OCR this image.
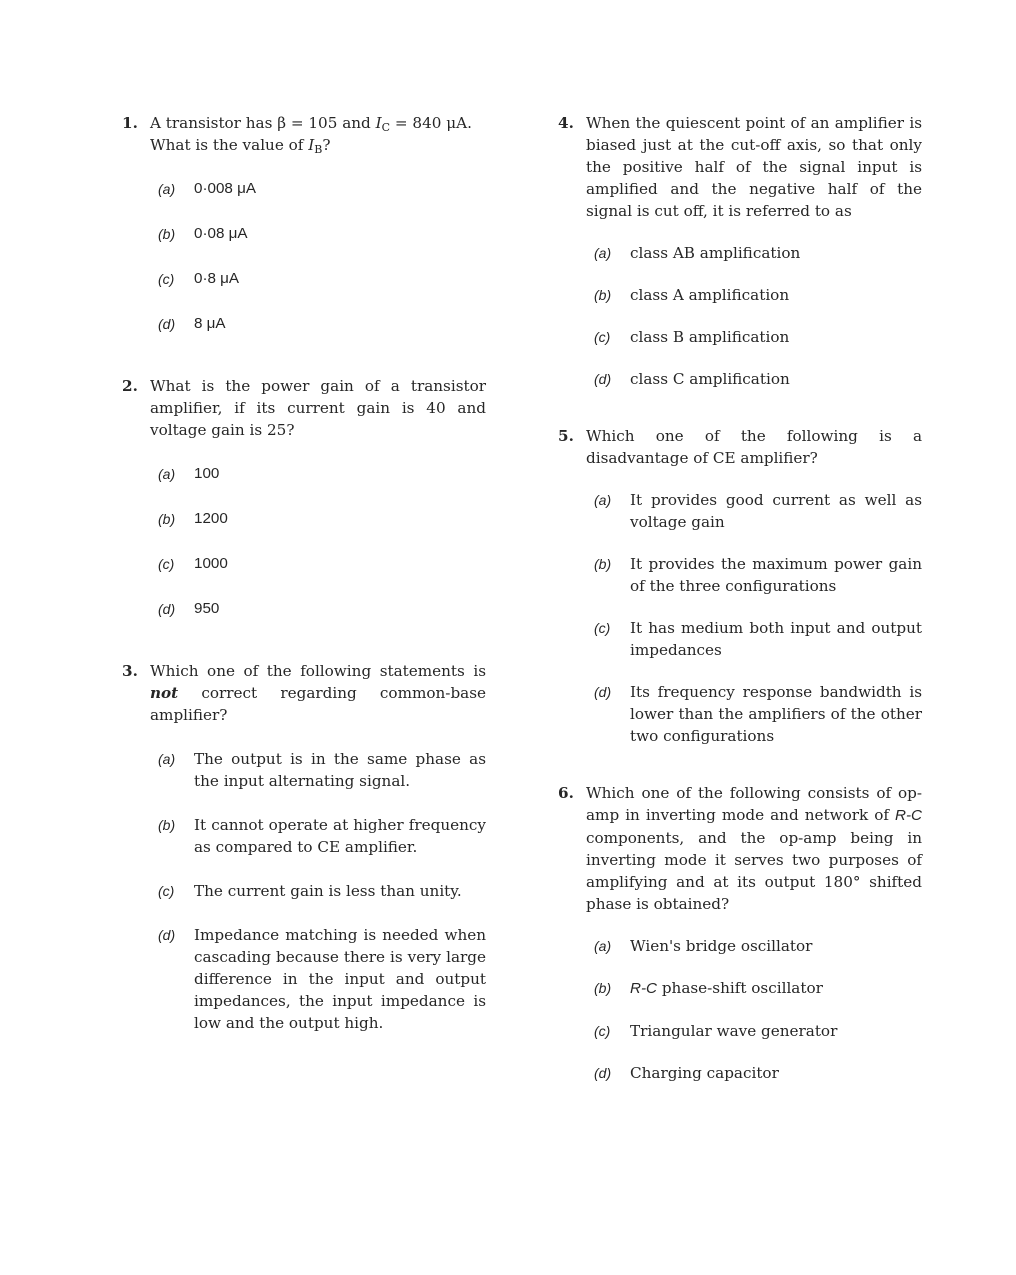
1. A transistor has β = 105 and $I_C = 840$ μA.
What is the value of $I_B$?
(a)	0·008 μA
(b)	0·08 μA
(c)	0·8 μA
(d)	8 μA
2. What is the power gain of a transistor amplifier, if its current gain is 40 and voltage gain is 25?
(a)	100
(b)	1200
(c)	1000
(d)	950
3. Which one of the following statements is not correct regarding common-base amplifier?
(a)	The output is in the same phase as the input alternating signal.
(b)	It cannot operate at higher frequency as compared to CE amplifier.
(c)	The current gain is less than unity.
(d)	Impedance matching is needed when cascading because there is very large difference in the input and output impedances, the input impedance is low and the output high.
4. When the quiescent point of an amplifier is biased just at the cut-off axis, so that only the positive half of the signal input is amplified and the negative half of the signal is cut off, it is referred to as
(a)	class AB amplification
(b)	class A amplification
(c)	class B amplification
(d)	class C amplification
5. Which one of the following is a disadvantage of CE amplifier?
(a)	It provides good current as well as voltage gain
(b)	It provides the maximum power gain of the three configurations
(c)	It has medium both input and output impedances
(d)	Its frequency response bandwidth is lower than the amplifiers of the other two configurations
6. Which one of the following consists of op-amp in inverting mode and network of R-C components, and the op-amp being in inverting mode it serves two purposes of amplifying and at its output 180° shifted phase is obtained?
(a)	Wien's bridge oscillator
(b)	R-C phase-shift oscillator
(c)	Triangular wave generator
(d)	Charging capacitor
